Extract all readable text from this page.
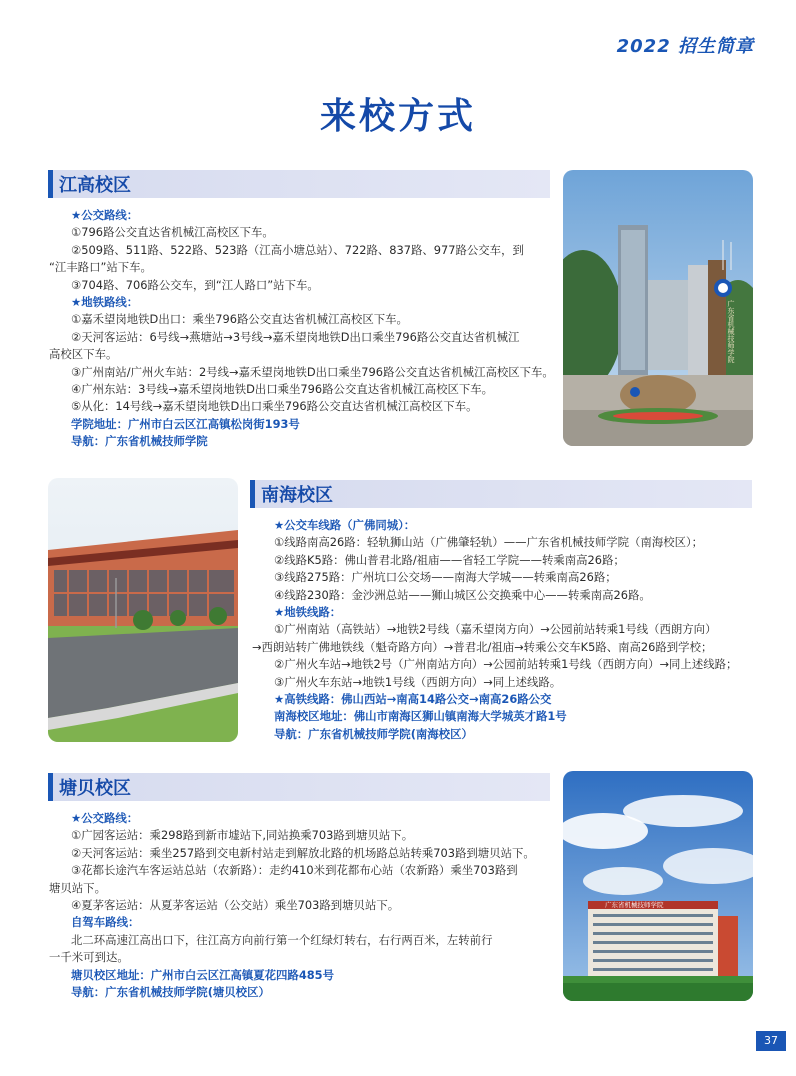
2022 招生简章
来校方式
江高校区
★公交路线：
①796路公交直达省机械江高校区下车。
②509路、511路、522路、523路（江高小塘总站）、722路、837路、977路公交车，到
“江丰路口”站下车。
③704路、706路公交车，到“江人路口”站下车。
★地铁路线：
①嘉禾望岗地铁D出口：乘坐796路公交直达省机械江高校区下车。
②天河客运站：6号线→燕塘站→3号线→嘉禾望岗地铁D出口乘坐796路公交直达省机械江
高校区下车。
③广州南站/广州火车站：2号线→嘉禾望岗地铁D出口乘坐796路公交直达省机械江高校区下车。
④广州东站：3号线→嘉禾望岗地铁D出口乘坐796路公交直达省机械江高校区下车。
⑤从化：14号线→嘉禾望岗地铁D出口乘坐796路公交直达省机械江高校区下车。
学院地址：广州市白云区江高镇松岗街193号
导航：广东省机械技师学院
广东省机械技师学院
南海校区
★公交车线路（广佛同城）：
①线路南高26路：轻轨狮山站（广佛肇轻轨）——广东省机械技师学院（南海校区）；
②线路K5路：佛山普君北路/祖庙——省轻工学院——转乘南高26路；
③线路275路：广州坑口公交场——南海大学城——转乘南高26路；
④线路230路：金沙洲总站——狮山城区公交换乘中心——转乘南高26路。
★地铁线路：
①广州南站（高铁站）→地铁2号线（嘉禾望岗方向）→公园前站转乘1号线（西朗方向）
→西朗站转广佛地铁线（魁奇路方向）→普君北/祖庙→转乘公交车K5路、南高26路到学校；
②广州火车站→地铁2号（广州南站方向）→公园前站转乘1号线（西朗方向）→同上述线路；
③广州火车东站→地铁1号线（西朗方向）→同上述线路。
★高铁线路：佛山西站→南高14路公交→南高26路公交
南海校区地址：佛山市南海区狮山镇南海大学城英才路1号
导航：广东省机械技师学院(南海校区）
塘贝校区
★公交路线：
①广园客运站：乘298路到新市墟站下,同站换乘703路到塘贝站下。
②天河客运站：乘坐257路到交电新村站走到解放北路的机场路总站转乘703路到塘贝站下。
③花都长途汽车客运站总站（农新路）：走约410米到花都布心站（农新路）乘坐703路到
塘贝站下。
④夏茅客运站：从夏茅客运站（公交站）乘坐703路到塘贝站下。
自驾车路线：
北二环高速江高出口下，往江高方向前行第一个红绿灯转右，右行两百米，左转前行
一千米可到达。
塘贝校区地址：广州市白云区江高镇夏花四路485号
导航：广东省机械技师学院(塘贝校区）
广东省机械技师学院
37
